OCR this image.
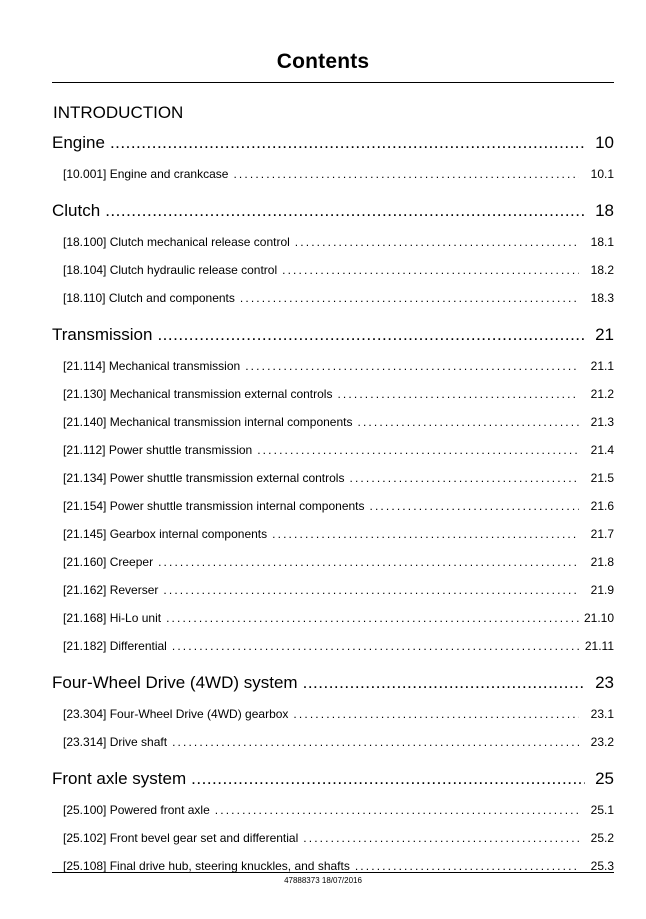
Contents
INTRODUCTION
Engine .....	10
[10.001] Engine and crankcase . . .	10.1
Clutch .....	18
[18.100] Clutch mechanical release control . . .	18.1
[18.104] Clutch hydraulic release control . . .	18.2
[18.110] Clutch and components . . .	18.3
Transmission .....	21
[21.114] Mechanical transmission . . .	21.1
[21.130] Mechanical transmission external controls . . .	21.2
[21.140] Mechanical transmission internal components . . .	21.3
[21.112] Power shuttle transmission . . .	21.4
[21.134] Power shuttle transmission external controls . . .	21.5
[21.154] Power shuttle transmission internal components . . .	21.6
[21.145] Gearbox internal components . . .	21.7
[21.160] Creeper . . .	21.8
[21.162] Reverser . . .	21.9
[21.168] Hi-Lo unit . . .	21.10
[21.182] Differential . . .	21.11
Four-Wheel Drive (4WD) system .....	23
[23.304] Four-Wheel Drive (4WD) gearbox . . .	23.1
[23.314] Drive shaft . . .	23.2
Front axle system .....	25
[25.100] Powered front axle . . .	25.1
[25.102] Front bevel gear set and differential . . .	25.2
[25.108] Final drive hub, steering knuckles, and shafts . . .	25.3
47888373 18/07/2016
